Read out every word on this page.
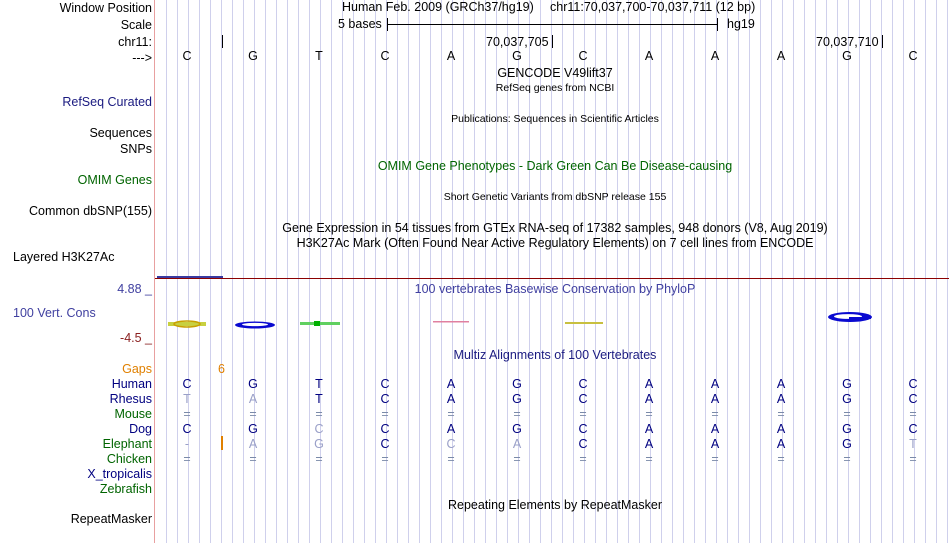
Window Position
Scale
chr11:
--->
RefSeq Curated
Sequences
SNPs
OMIM Genes
Common dbSNP(155)
Layered H3K27Ac
4.88 _
100 Vert. Cons
-4.5 _
Gaps
Human
Rhesus
Mouse
Dog
Elephant
Chicken
X_tropicalis
Zebrafish
RepeatMasker
Human Feb. 2009 (GRCh37/hg19) chr11:70,037,700-70,037,711 (12 bp)
5 bases	hg19
70,037,705	70,037,710
C	G	T	C	A	G	C	A	A	A	G	C
GENCODE V49lift37
RefSeq genes from NCBI
Publications: Sequences in Scientific Articles
OMIM Gene Phenotypes - Dark Green Can Be Disease-causing
Short Genetic Variants from dbSNP release 155
Gene Expression in 54 tissues from GTEx RNA-seq of 17382 samples, 948 donors (V8, Aug 2019)
H3K27Ac Mark (Often Found Near Active Regulatory Elements) on 7 cell lines from ENCODE
100 vertebrates Basewise Conservation by PhyloP
Multiz Alignments of 100 Vertebrates
6
C	G	T	C	A	G	C	A	A	A	G	C
T	A	T	C	A	G	C	A	A	A	G	C
=	=	=	=	=	=	=	=	=	=	=	=
C	G	C	C	A	G	C	A	A	A	G	C
-	A	G	C	C	A	C	A	A	A	G	T
=	=	=	=	=	=	=	=	=	=	=	=
Repeating Elements by RepeatMasker
